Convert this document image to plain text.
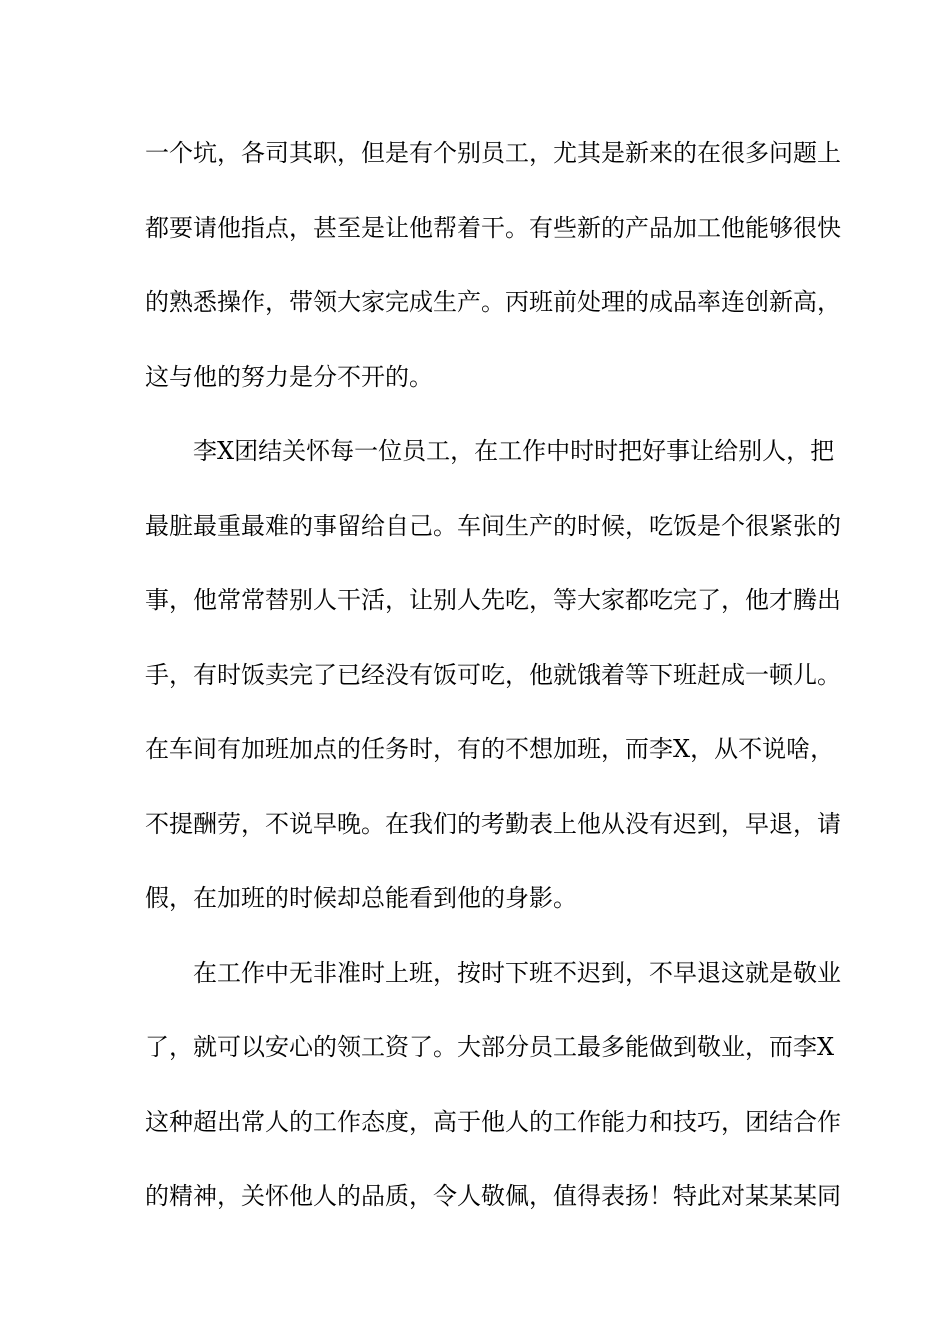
一个坑，各司其职，但是有个别员工，尤其是新来的在很多问题上

都要请他指点，甚至是让他帮着干。有些新的产品加工他能够很快

的熟悉操作，带领大家完成生产。丙班前处理的成品率连创新高，

这与他的努力是分不开的。

李X团结关怀每一位员工，在工作中时时把好事让给别人，把

最脏最重最难的事留给自己。车间生产的时候，吃饭是个很紧张的

事，他常常替别人干活，让别人先吃，等大家都吃完了，他才腾出

手，有时饭卖完了已经没有饭可吃，他就饿着等下班赶成一顿儿。

在车间有加班加点的任务时，有的不想加班，而李X，从不说啥，

不提酬劳，不说早晚。在我们的考勤表上他从没有迟到，早退，请

假，在加班的时候却总能看到他的身影。

在工作中无非准时上班，按时下班不迟到，不早退这就是敬业

了，就可以安心的领工资了。大部分员工最多能做到敬业，而李X

这种超出常人的工作态度，高于他人的工作能力和技巧，团结合作

的精神，关怀他人的品质，令人敬佩，值得表扬！特此对某某某同
